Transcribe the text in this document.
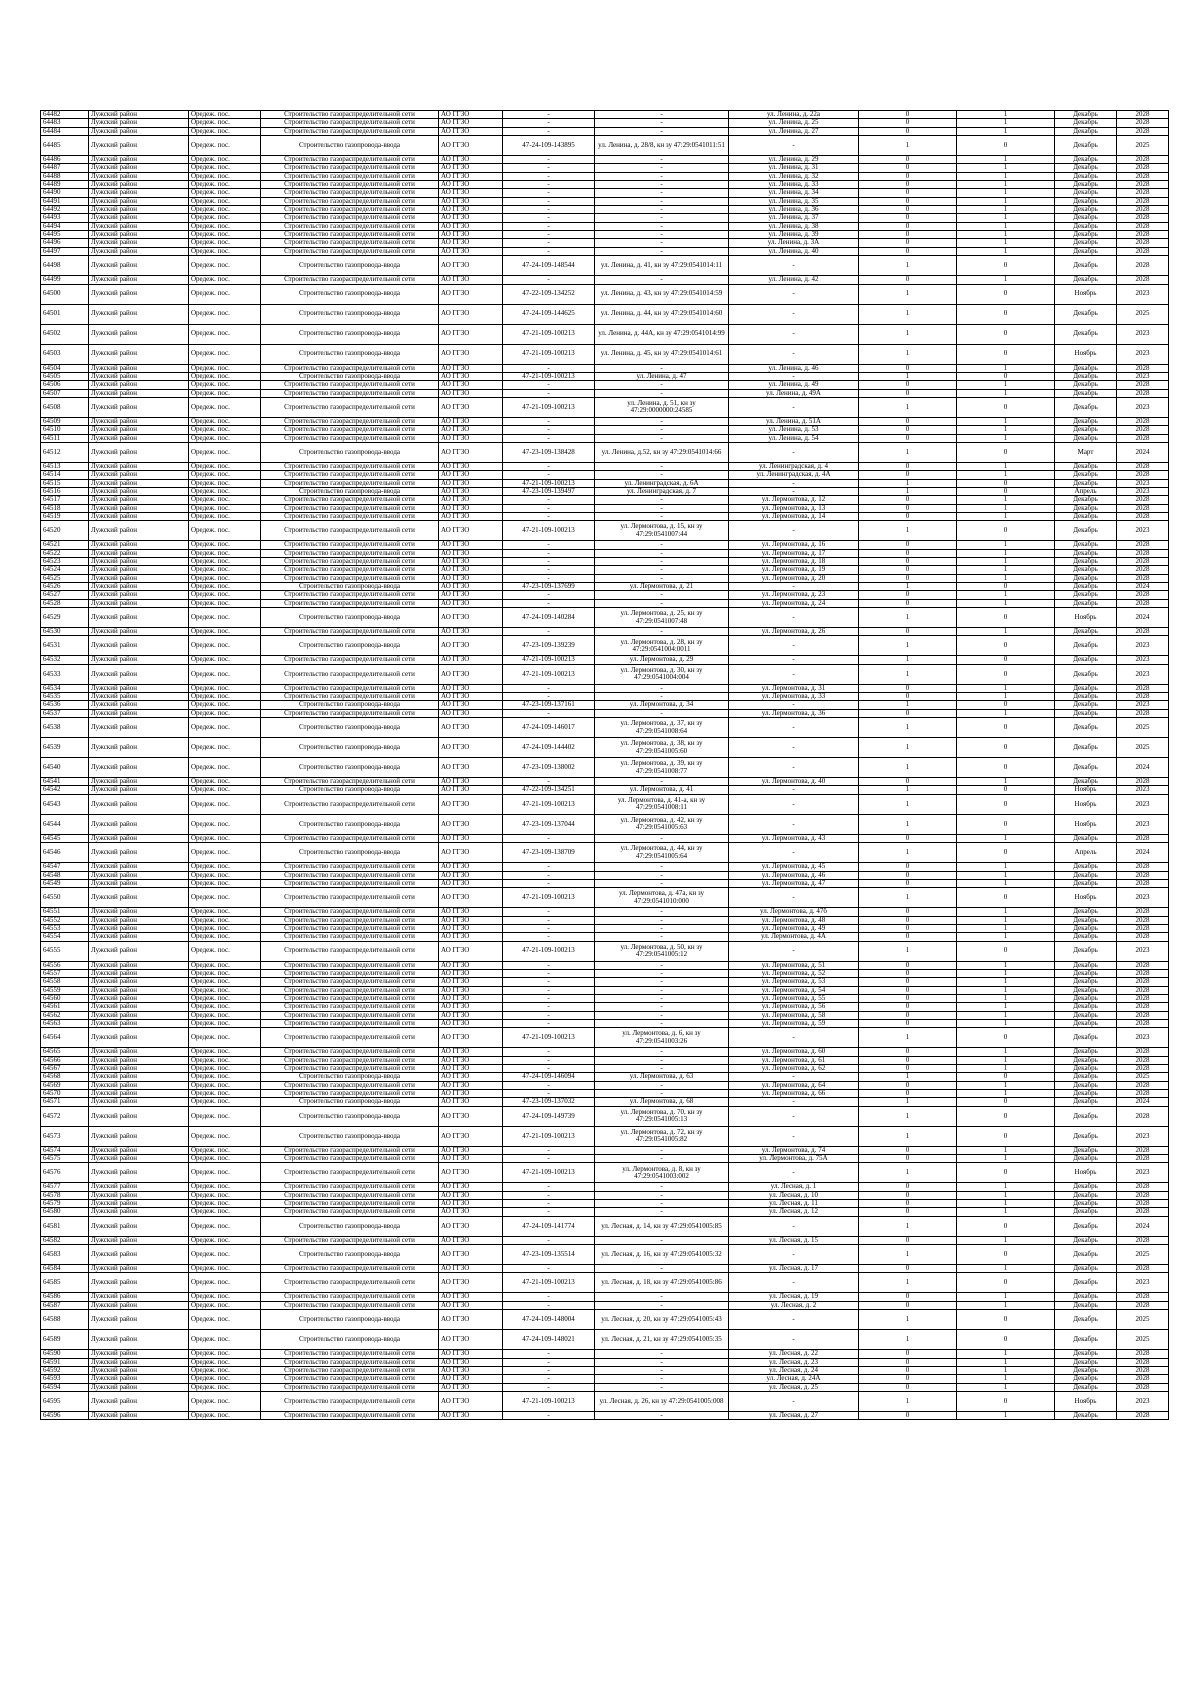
64482	Лужский район	Оредеж. пос.	Строительство газораспределительной сети	АО ГГЗО	-	-	ул. Ленина, д. 22а	0	1	Декабрь	2028
64483	Лужский район	Оредеж. пос.	Строительство газораспределительной сети	АО ГГЗО	-	-	ул. Ленина, д. 25	0	1	Декабрь	2028
64484	Лужский район	Оредеж. пос.	Строительство газораспределительной сети	АО ГГЗО	-	-	ул. Ленина, д. 27	0	1	Декабрь	2028
64485	Лужский район	Оредеж. пос.	Строительство газопровода-ввода	АО ГГЗО	47-24-109-143895	ул. Ленина, д. 28/8, кн зу 47:29:0541011:51	-	1	0	Декабрь	2025
64486	Лужский район	Оредеж. пос.	Строительство газораспределительной сети	АО ГГЗО	-	-	ул. Ленина, д. 29	0	1	Декабрь	2028
64487	Лужский район	Оредеж. пос.	Строительство газораспределительной сети	АО ГГЗО	-	-	ул. Ленина, д. 31	0	1	Декабрь	2028
64488	Лужский район	Оредеж. пос.	Строительство газораспределительной сети	АО ГГЗО	-	-	ул. Ленина, д. 32	0	1	Декабрь	2028
64489	Лужский район	Оредеж. пос.	Строительство газораспределительной сети	АО ГГЗО	-	-	ул. Ленина, д. 33	0	1	Декабрь	2028
64490	Лужский район	Оредеж. пос.	Строительство газораспределительной сети	АО ГГЗО	-	-	ул. Ленина, д. 34	0	1	Декабрь	2028
64491	Лужский район	Оредеж. пос.	Строительство газораспределительной сети	АО ГГЗО	-	-	ул. Ленина, д. 35	0	1	Декабрь	2028
64492	Лужский район	Оредеж. пос.	Строительство газораспределительной сети	АО ГГЗО	-	-	ул. Ленина, д. 36	0	1	Декабрь	2028
64493	Лужский район	Оредеж. пос.	Строительство газораспределительной сети	АО ГГЗО	-	-	ул. Ленина, д. 37	0	1	Декабрь	2028
64494	Лужский район	Оредеж. пос.	Строительство газораспределительной сети	АО ГГЗО	-	-	ул. Ленина, д. 38	0	1	Декабрь	2028
64495	Лужский район	Оредеж. пос.	Строительство газораспределительной сети	АО ГГЗО	-	-	ул. Ленина, д. 39	0	1	Декабрь	2028
64496	Лужский район	Оредеж. пос.	Строительство газораспределительной сети	АО ГГЗО	-	-	ул. Ленина, д. 3А	0	1	Декабрь	2028
64497	Лужский район	Оредеж. пос.	Строительство газораспределительной сети	АО ГГЗО	-	-	ул. Ленина, д. 40	0	1	Декабрь	2028
64498	Лужский район	Оредеж. пос.	Строительство газопровода-ввода	АО ГГЗО	47-24-109-148544	ул. Ленина, д. 41, кн зу 47:29:0541014:11	-	1	0	Декабрь	2028
64499	Лужский район	Оредеж. пос.	Строительство газораспределительной сети	АО ГГЗО	-	-	ул. Ленина, д. 42	0	1	Декабрь	2028
64500	Лужский район	Оредеж. пос.	Строительство газопровода-ввода	АО ГГЗО	47-22-109-134252	ул. Ленина, д. 43, кн зу 47:29:0541014:59	-	1	0	Ноябрь	2023
64501	Лужский район	Оредеж. пос.	Строительство газопровода-ввода	АО ГГЗО	47-24-109-144625	ул. Ленина, д. 44, кн зу 47:29:0541014:60	-	1	0	Декабрь	2025
64502	Лужский район	Оредеж. пос.	Строительство газопровода-ввода	АО ГГЗО	47-21-109-100213	ул. Ленина, д. 44А, кн зу 47:29:0541014:99	-	1	0	Декабрь	2023
64503	Лужский район	Оредеж. пос.	Строительство газопровода-ввода	АО ГГЗО	47-21-109-100213	ул. Ленина, д. 45, кн зу 47:29:0541014:61	-	1	0	Ноябрь	2023
64504	Лужский район	Оредеж. пос.	Строительство газораспределительной сети	АО ГГЗО	-	-	ул. Ленина, д. 46	0	1	Декабрь	2028
64505	Лужский район	Оредеж. пос.	Строительство газопровода-ввода	АО ГГЗО	47-21-109-100213	ул. Ленина, д. 47	-	1	0	Декабрь	2023
64506	Лужский район	Оредеж. пос.	Строительство газораспределительной сети	АО ГГЗО	-	-	ул. Ленина, д. 49	0	1	Декабрь	2028
64507	Лужский район	Оредеж. пос.	Строительство газораспределительной сети	АО ГГЗО	-	-	ул. Ленина, д. 49А	0	1	Декабрь	2028
64508	Лужский район	Оредеж. пос.	Строительство газораспределительной сети	АО ГГЗО	47-21-109-100213	ул. Ленина, д. 51, кн зу 47:29:0000000:24585	-	1	0	Декабрь	2023
64509	Лужский район	Оредеж. пос.	Строительство газораспределительной сети	АО ГГЗО	-	-	ул. Ленина, д. 51А	0	1	Декабрь	2028
64510	Лужский район	Оредеж. пос.	Строительство газораспределительной сети	АО ГГЗО	-	-	ул. Ленина, д. 53	0	1	Декабрь	2028
64511	Лужский район	Оредеж. пос.	Строительство газораспределительной сети	АО ГГЗО	-	-	ул. Ленина, д. 54	0	1	Декабрь	2028
64512	Лужский район	Оредеж. пос.	Строительство газопровода-ввода	АО ГГЗО	47-23-109-138428	ул. Ленина, д.52, кн зу 47:29:0541014:66	-	1	0	Март	2024
64513	Лужский район	Оредеж. пос.	Строительство газораспределительной сети	АО ГГЗО	-	-	ул. Ленинградская, д. 4	0	1	Декабрь	2028
64514	Лужский район	Оредеж. пос.	Строительство газораспределительной сети	АО ГГЗО	-	-	ул. Ленинградская, д. 4А	0	1	Декабрь	2028
64515	Лужский район	Оредеж. пос.	Строительство газораспределительной сети	АО ГГЗО	47-21-109-100213	ул. Ленинградская, д. 6А	-	1	0	Декабрь	2023
64516	Лужский район	Оредеж. пос.	Строительство газопровода-ввода	АО ГГЗО	47-23-109-139497	ул. Ленинградская, д. 7	-	1	0	Апрель	2023
64517	Лужский район	Оредеж. пос.	Строительство газораспределительной сети	АО ГГЗО	-	-	ул. Лермонтова, д. 12	0	1	Декабрь	2028
64518	Лужский район	Оредеж. пос.	Строительство газораспределительной сети	АО ГГЗО	-	-	ул. Лермонтова, д. 13	0	1	Декабрь	2028
64519	Лужский район	Оредеж. пос.	Строительство газораспределительной сети	АО ГГЗО	-	-	ул. Лермонтова, д. 14	0	1	Декабрь	2028
64520	Лужский район	Оредеж. пос.	Строительство газораспределительной сети	АО ГГЗО	47-21-109-100213	ул. Лермонтова, д. 15, кн зу 47:29:0541007:44	-	1	0	Декабрь	2023
64521	Лужский район	Оредеж. пос.	Строительство газораспределительной сети	АО ГГЗО	-	-	ул. Лермонтова, д. 16	0	1	Декабрь	2028
64522	Лужский район	Оредеж. пос.	Строительство газораспределительной сети	АО ГГЗО	-	-	ул. Лермонтова, д. 17	0	1	Декабрь	2028
64523	Лужский район	Оредеж. пос.	Строительство газораспределительной сети	АО ГГЗО	-	-	ул. Лермонтова, д. 18	0	1	Декабрь	2028
64524	Лужский район	Оредеж. пос.	Строительство газораспределительной сети	АО ГГЗО	-	-	ул. Лермонтова, д. 19	0	1	Декабрь	2028
64525	Лужский район	Оредеж. пос.	Строительство газораспределительной сети	АО ГГЗО	-	-	ул. Лермонтова, д. 20	0	1	Декабрь	2028
64526	Лужский район	Оредеж. пос.	Строительство газопровода-ввода	АО ГГЗО	47-23-109-137699	ул. Лермонтова, д. 21	-	1	0	Декабрь	2024
64527	Лужский район	Оредеж. пос.	Строительство газораспределительной сети	АО ГГЗО	-	-	ул. Лермонтова, д. 23	0	1	Декабрь	2028
64528	Лужский район	Оредеж. пос.	Строительство газораспределительной сети	АО ГГЗО	-	-	ул. Лермонтова, д. 24	0	1	Декабрь	2028
64529	Лужский район	Оредеж. пос.	Строительство газопровода-ввода	АО ГГЗО	47-24-109-140284	ул. Лермонтова, д. 25, кн зу 47:29:0541007:48	-	1	0	Ноябрь	2024
64530	Лужский район	Оредеж. пос.	Строительство газораспределительной сети	АО ГГЗО	-	-	ул. Лермонтова, д. 26	0	1	Декабрь	2028
64531	Лужский район	Оредеж. пос.	Строительство газопровода-ввода	АО ГГЗО	47-23-109-139239	ул. Лермонтова, д. 28, кн зу 47:29:0541004:0011	-	1	0	Декабрь	2023
64532	Лужский район	Оредеж. пос.	Строительство газораспределительной сети	АО ГГЗО	47-21-109-100213	ул. Лермонтова, д. 29	-	1	0	Декабрь	2023
64533	Лужский район	Оредеж. пос.	Строительство газораспределительной сети	АО ГГЗО	47-21-109-100213	ул. Лермонтова, д. 30, кн зу 47:29:0541004:004	-	1	0	Декабрь	2023
64534	Лужский район	Оредеж. пос.	Строительство газораспределительной сети	АО ГГЗО	-	-	ул. Лермонтова, д. 31	0	1	Декабрь	2028
64535	Лужский район	Оредеж. пос.	Строительство газораспределительной сети	АО ГГЗО	-	-	ул. Лермонтова, д. 33	0	1	Декабрь	2028
64536	Лужский район	Оредеж. пос.	Строительство газопровода-ввода	АО ГГЗО	47-23-109-137161	ул. Лермонтова, д. 34	-	1	0	Декабрь	2023
64537	Лужский район	Оредеж. пос.	Строительство газораспределительной сети	АО ГГЗО	-	-	ул. Лермонтова, д. 36	0	1	Декабрь	2028
64538	Лужский район	Оредеж. пос.	Строительство газопровода-ввода	АО ГГЗО	47-24-109-146017	ул. Лермонтова, д. 37, кн зу 47:29:0541008:64	-	1	0	Декабрь	2025
64539	Лужский район	Оредеж. пос.	Строительство газопровода-ввода	АО ГГЗО	47-24-109-144402	ул. Лермонтова, д. 38, кн зу 47:29:0541005:60	-	1	0	Декабрь	2025
64540	Лужский район	Оредеж. пос.	Строительство газопровода-ввода	АО ГГЗО	47-23-109-138002	ул. Лермонтова, д. 39, кн зу 47:29:0541008:77	-	1	0	Декабрь	2024
64541	Лужский район	Оредеж. пос.	Строительство газораспределительной сети	АО ГГЗО	-	-	ул. Лермонтова, д. 40	0	1	Декабрь	2028
64542	Лужский район	Оредеж. пос.	Строительство газопровода-ввода	АО ГГЗО	47-22-109-134251	ул. Лермонтова, д. 41	-	1	0	Ноябрь	2023
64543	Лужский район	Оредеж. пос.	Строительство газораспределительной сети	АО ГГЗО	47-21-109-100213	ул. Лермонтова, д. 41-а, кн зу 47:29:0541008:11	-	1	0	Ноябрь	2023
64544	Лужский район	Оредеж. пос.	Строительство газопровода-ввода	АО ГГЗО	47-23-109-137044	ул. Лермонтова, д. 42, кн зу 47:29:0541005:63	-	1	0	Ноябрь	2023
64545	Лужский район	Оредеж. пос.	Строительство газораспределительной сети	АО ГГЗО	-	-	ул. Лермонтова, д. 43	0	1	Декабрь	2028
64546	Лужский район	Оредеж. пос.	Строительство газопровода-ввода	АО ГГЗО	47-23-109-138709	ул. Лермонтова, д. 44, кн зу 47:29:0541005:64	-	1	0	Апрель	2024
64547	Лужский район	Оредеж. пос.	Строительство газораспределительной сети	АО ГГЗО	-	-	ул. Лермонтова, д. 45	0	1	Декабрь	2028
64548	Лужский район	Оредеж. пос.	Строительство газораспределительной сети	АО ГГЗО	-	-	ул. Лермонтова, д. 46	0	1	Декабрь	2028
64549	Лужский район	Оредеж. пос.	Строительство газораспределительной сети	АО ГГЗО	-	-	ул. Лермонтова, д. 47	0	1	Декабрь	2028
64550	Лужский район	Оредеж. пос.	Строительство газораспределительной сети	АО ГГЗО	47-21-109-100213	ул. Лермонтова, д. 47а, кн зу 47:29:0541010:000	-	1	0	Ноябрь	2023
64551	Лужский район	Оредеж. пос.	Строительство газораспределительной сети	АО ГГЗО	-	-	ул. Лермонтова, д. 47б	0	1	Декабрь	2028
64552	Лужский район	Оредеж. пос.	Строительство газораспределительной сети	АО ГГЗО	-	-	ул. Лермонтова, д. 48	0	1	Декабрь	2028
64553	Лужский район	Оредеж. пос.	Строительство газораспределительной сети	АО ГГЗО	-	-	ул. Лермонтова, д. 49	0	1	Декабрь	2028
64554	Лужский район	Оредеж. пос.	Строительство газораспределительной сети	АО ГГЗО	-	-	ул. Лермонтова, д. 4А	0	1	Декабрь	2028
64555	Лужский район	Оредеж. пос.	Строительство газораспределительной сети	АО ГГЗО	47-21-109-100213	ул. Лермонтова, д. 50, кн зу 47:29:0541005:12	-	1	0	Декабрь	2023
64556	Лужский район	Оредеж. пос.	Строительство газораспределительной сети	АО ГГЗО	-	-	ул. Лермонтова, д. 51	0	1	Декабрь	2028
64557	Лужский район	Оредеж. пос.	Строительство газораспределительной сети	АО ГГЗО	-	-	ул. Лермонтова, д. 52	0	1	Декабрь	2028
64558	Лужский район	Оредеж. пос.	Строительство газораспределительной сети	АО ГГЗО	-	-	ул. Лермонтова, д. 53	0	1	Декабрь	2028
64559	Лужский район	Оредеж. пос.	Строительство газораспределительной сети	АО ГГЗО	-	-	ул. Лермонтова, д. 54	0	1	Декабрь	2028
64560	Лужский район	Оредеж. пос.	Строительство газораспределительной сети	АО ГГЗО	-	-	ул. Лермонтова, д. 55	0	1	Декабрь	2028
64561	Лужский район	Оредеж. пос.	Строительство газораспределительной сети	АО ГГЗО	-	-	ул. Лермонтова, д. 56	0	1	Декабрь	2028
64562	Лужский район	Оредеж. пос.	Строительство газораспределительной сети	АО ГГЗО	-	-	ул. Лермонтова, д. 58	0	1	Декабрь	2028
64563	Лужский район	Оредеж. пос.	Строительство газораспределительной сети	АО ГГЗО	-	-	ул. Лермонтова, д. 59	0	1	Декабрь	2028
64564	Лужский район	Оредеж. пос.	Строительство газораспределительной сети	АО ГГЗО	47-21-109-100213	ул. Лермонтова, д. 6, кн зу 47:29:0541003:26	-	1	0	Декабрь	2023
64565	Лужский район	Оредеж. пос.	Строительство газораспределительной сети	АО ГГЗО	-	-	ул. Лермонтова, д. 60	0	1	Декабрь	2028
64566	Лужский район	Оредеж. пос.	Строительство газораспределительной сети	АО ГГЗО	-	-	ул. Лермонтова, д. 61	0	1	Декабрь	2028
64567	Лужский район	Оредеж. пос.	Строительство газораспределительной сети	АО ГГЗО	-	-	ул. Лермонтова, д. 62	0	1	Декабрь	2028
64568	Лужский район	Оредеж. пос.	Строительство газопровода-ввода	АО ГГЗО	47-24-109-146094	ул. Лермонтова, д. 63	-	1	0	Декабрь	2025
64569	Лужский район	Оредеж. пос.	Строительство газораспределительной сети	АО ГГЗО	-	-	ул. Лермонтова, д. 64	0	1	Декабрь	2028
64570	Лужский район	Оредеж. пос.	Строительство газораспределительной сети	АО ГГЗО	-	-	ул. Лермонтова, д. 66	0	1	Декабрь	2028
64571	Лужский район	Оредеж. пос.	Строительство газопровода-ввода	АО ГГЗО	47-23-109-137032	ул. Лермонтова, д. 68	-	1	0	Декабрь	2024
64572	Лужский район	Оредеж. пос.	Строительство газопровода-ввода	АО ГГЗО	47-24-109-149739	ул. Лермонтова, д. 70, кн зу 47:29:0541005:13	-	1	0	Декабрь	2028
64573	Лужский район	Оредеж. пос.	Строительство газопровода-ввода	АО ГГЗО	47-21-109-100213	ул. Лермонтова, д. 72, кн зу 47:29:0541005:82	-	1	0	Декабрь	2023
64574	Лужский район	Оредеж. пос.	Строительство газораспределительной сети	АО ГГЗО	-	-	ул. Лермонтова, д. 74	0	1	Декабрь	2028
64575	Лужский район	Оредеж. пос.	Строительство газораспределительной сети	АО ГГЗО	-	-	ул. Лермонтова, д. 75А	0	1	Декабрь	2028
64576	Лужский район	Оредеж. пос.	Строительство газораспределительной сети	АО ГГЗО	47-21-109-100213	ул. Лермонтова, д. 8, кн зу 47:29:0541003:002	-	1	0	Ноябрь	2023
64577	Лужский район	Оредеж. пос.	Строительство газораспределительной сети	АО ГГЗО	-	-	ул. Лесная, д. 1	0	1	Декабрь	2028
64578	Лужский район	Оредеж. пос.	Строительство газораспределительной сети	АО ГГЗО	-	-	ул. Лесная, д. 10	0	1	Декабрь	2028
64579	Лужский район	Оредеж. пос.	Строительство газораспределительной сети	АО ГГЗО	-	-	ул. Лесная, д. 11	0	1	Декабрь	2028
64580	Лужский район	Оредеж. пос.	Строительство газораспределительной сети	АО ГГЗО	-	-	ул. Лесная, д. 12	0	1	Декабрь	2028
64581	Лужский район	Оредеж. пос.	Строительство газопровода-ввода	АО ГГЗО	47-24-109-141774	ул. Лесная, д. 14, кн зу 47:29:0541005:85	-	1	0	Декабрь	2024
64582	Лужский район	Оредеж. пос.	Строительство газораспределительной сети	АО ГГЗО	-	-	ул. Лесная, д. 15	0	1	Декабрь	2028
64583	Лужский район	Оредеж. пос.	Строительство газопровода-ввода	АО ГГЗО	47-23-109-135514	ул. Лесная, д. 16, кн зу 47:29:0541005:32	-	1	0	Декабрь	2025
64584	Лужский район	Оредеж. пос.	Строительство газораспределительной сети	АО ГГЗО	-	-	ул. Лесная, д. 17	0	1	Декабрь	2028
64585	Лужский район	Оредеж. пос.	Строительство газораспределительной сети	АО ГГЗО	47-21-109-100213	ул. Лесная, д. 18, кн зу 47:29:0541005:86	-	1	0	Декабрь	2023
64586	Лужский район	Оредеж. пос.	Строительство газораспределительной сети	АО ГГЗО	-	-	ул. Лесная, д. 19	0	1	Декабрь	2028
64587	Лужский район	Оредеж. пос.	Строительство газораспределительной сети	АО ГГЗО	-	-	ул. Лесная, д. 2	0	1	Декабрь	2028
64588	Лужский район	Оредеж. пос.	Строительство газопровода-ввода	АО ГГЗО	47-24-109-148004	ул. Лесная, д. 20, кн зу 47:29:0541005:43	-	1	0	Декабрь	2025
64589	Лужский район	Оредеж. пос.	Строительство газопровода-ввода	АО ГГЗО	47-24-109-148021	ул. Лесная, д. 21, кн зу 47:29:0541005:35	-	1	0	Декабрь	2025
64590	Лужский район	Оредеж. пос.	Строительство газораспределительной сети	АО ГГЗО	-	-	ул. Лесная, д. 22	0	1	Декабрь	2028
64591	Лужский район	Оредеж. пос.	Строительство газораспределительной сети	АО ГГЗО	-	-	ул. Лесная, д. 23	0	1	Декабрь	2028
64592	Лужский район	Оредеж. пос.	Строительство газораспределительной сети	АО ГГЗО	-	-	ул. Лесная, д. 24	0	1	Декабрь	2028
64593	Лужский район	Оредеж. пос.	Строительство газораспределительной сети	АО ГГЗО	-	-	ул. Лесная, д. 24А	0	1	Декабрь	2028
64594	Лужский район	Оредеж. пос.	Строительство газораспределительной сети	АО ГГЗО	-	-	ул. Лесная, д. 25	0	1	Декабрь	2028
64595	Лужский район	Оредеж. пос.	Строительство газораспределительной сети	АО ГГЗО	47-21-109-100213	ул. Лесная, д. 26, кн зу 47:29:0541005:008	-	1	0	Ноябрь	2023
64596	Лужский район	Оредеж. пос.	Строительство газораспределительной сети	АО ГГЗО	-	-	ул. Лесная, д. 27	0	1	Декабрь	2028
